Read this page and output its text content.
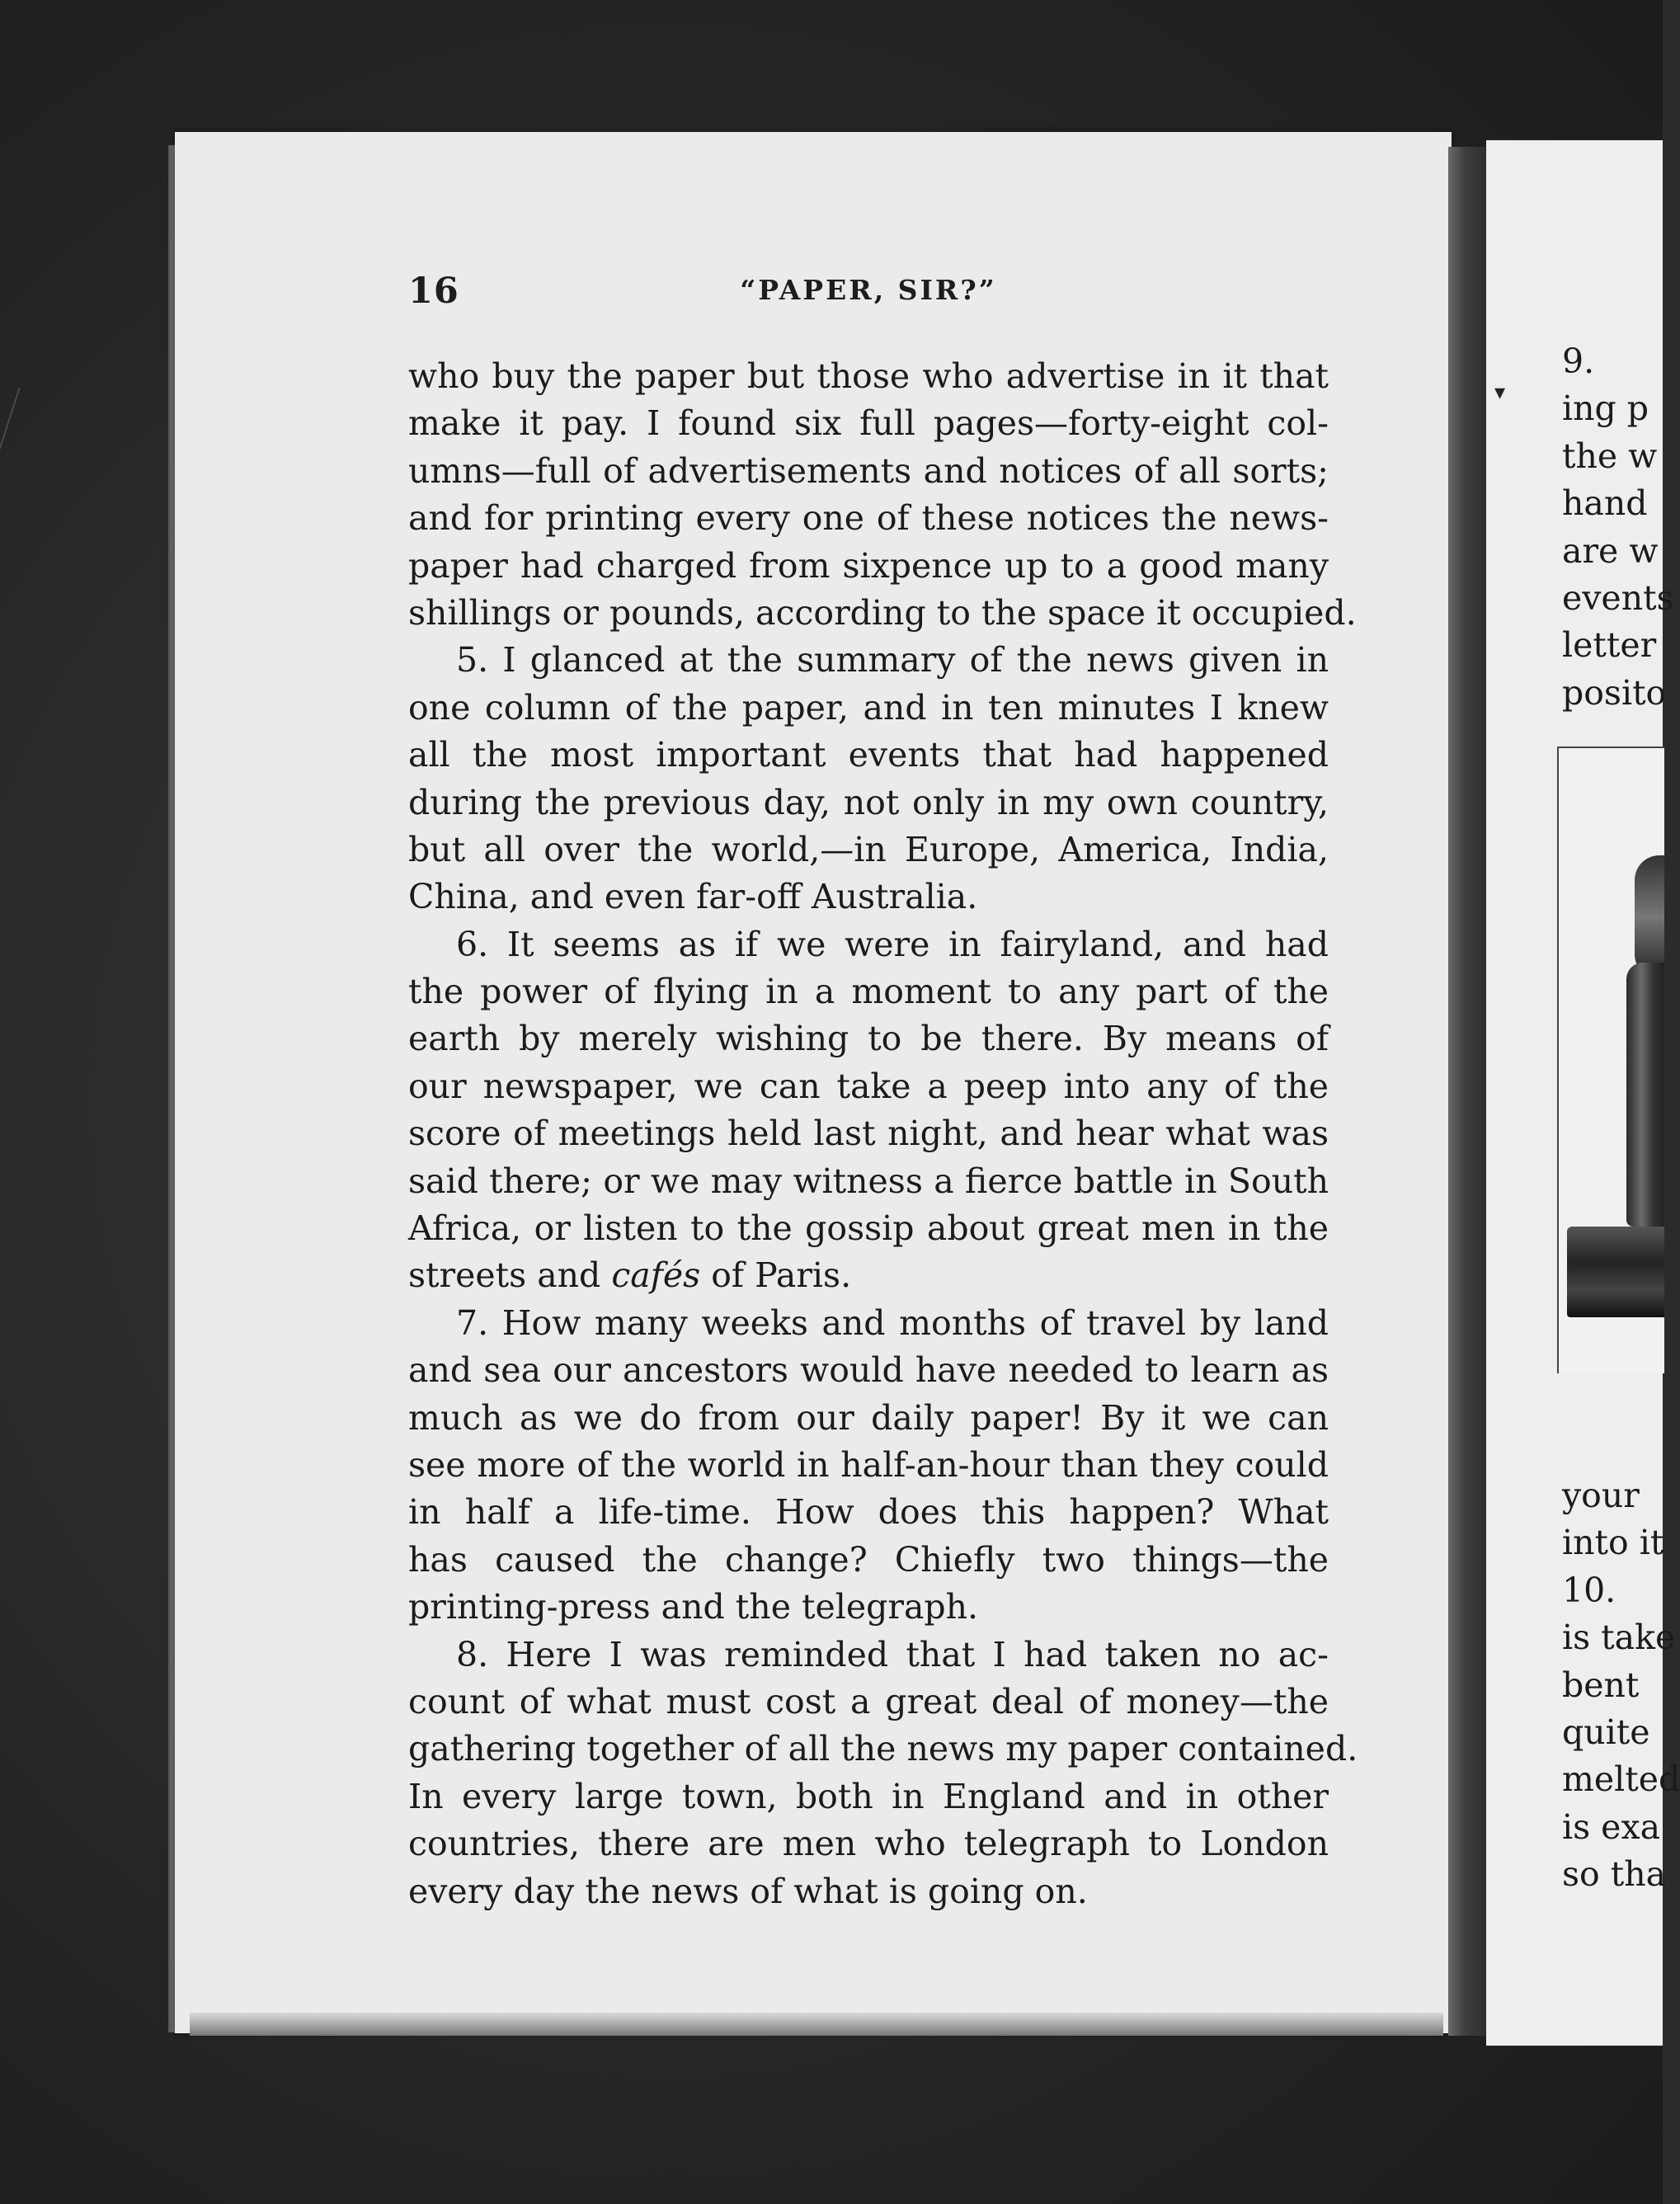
16	“PAPER, SIR?”
who buy the paper but those who advertise in it that
make it pay. I found six full pages—forty-eight col-
umns—full of advertisements and notices of all sorts;
and for printing every one of these notices the news-
paper had charged from sixpence up to a good many
shillings or pounds, according to the space it occupied.
5. I glanced at the summary of the news given in
one column of the paper, and in ten minutes I knew
all the most important events that had happened
during the previous day, not only in my own country,
but all over the world,—in Europe, America, India,
China, and even far-off Australia.
6. It seems as if we were in fairyland, and had
the power of flying in a moment to any part of the
earth by merely wishing to be there. By means of
our newspaper, we can take a peep into any of the
score of meetings held last night, and hear what was
said there; or we may witness a fierce battle in South
Africa, or listen to the gossip about great men in the
streets and cafés of Paris.
7. How many weeks and months of travel by land
and sea our ancestors would have needed to learn as
much as we do from our daily paper! By it we can
see more of the world in half-an-hour than they could
in half a life-time. How does this happen? What
has caused the change? Chiefly two things—the
printing-press and the telegraph.
8. Here I was reminded that I had taken no ac-
count of what must cost a great deal of money—the
gathering together of all the news my paper contained.
In every large town, both in England and in other
countries, there are men who telegraph to London
every day the news of what is going on.
▾
9.
ing p
the w
hand
are w
events
letter
posito
your
into it
10.
is take
bent
quite
melted
is exa
so tha
